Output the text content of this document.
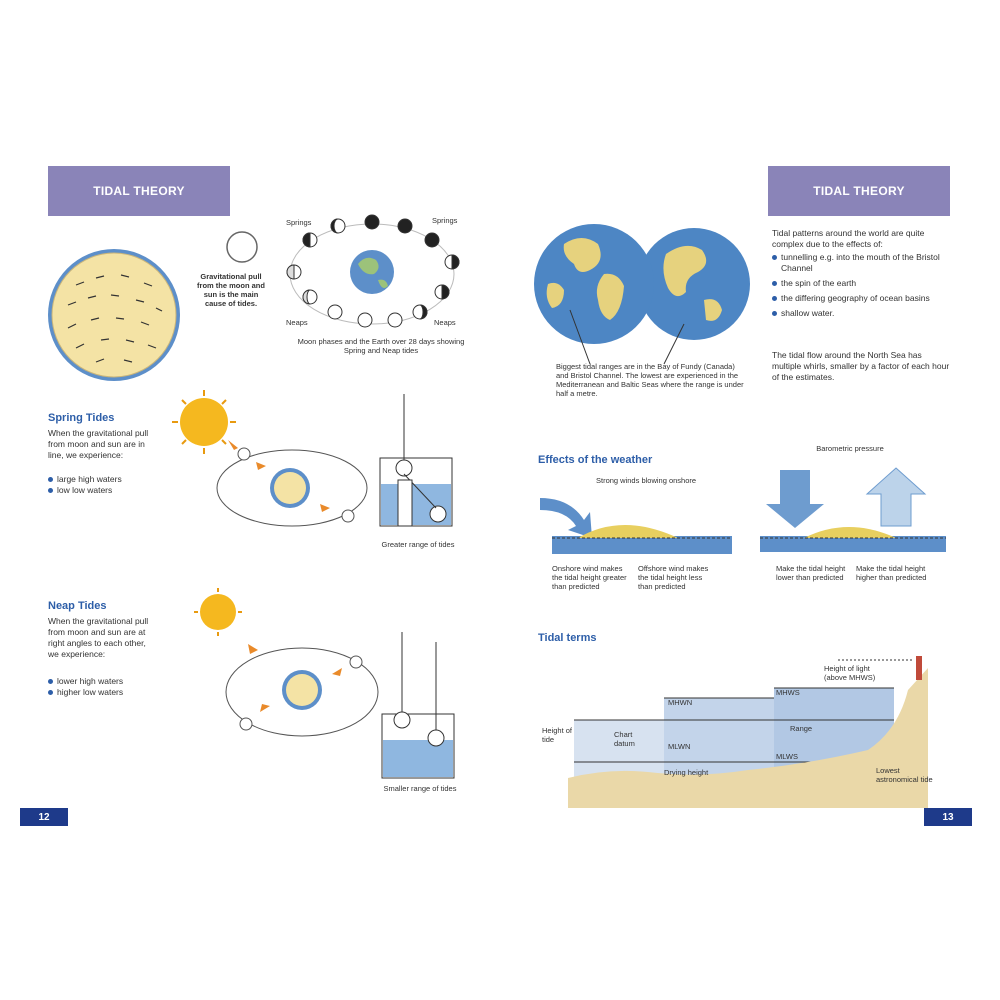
TIDAL THEORY
Gravitational pull from the moon and sun is the main cause of tides.
Springs	Springs
Neaps	Neaps
Moon phases and the Earth over 28 days showing Spring and Neap tides
Spring Tides
When the gravitational pull from moon and sun are in line, we experience:
large high waters
low low waters
Greater range of tides
Neap Tides
When the gravitational pull from moon and sun are at right angles to each other, we experience:
lower high waters
higher low waters
Smaller range of tides
12
TIDAL THEORY
Biggest tidal ranges are in the Bay of Fundy (Canada) and Bristol Channel. The lowest are experienced in the Mediterranean and Baltic Seas where the range is under half a metre.
Tidal patterns around the world are quite complex due to the effects of:
tunnelling e.g. into the mouth of the Bristol Channel
the spin of the earth
the differing geography of ocean basins
shallow water.
The tidal flow around the North Sea has multiple whirls, smaller by a factor of each hour of the estimates.
Effects of the weather
Strong winds blowing onshore
Barometric pressure
Onshore wind makes the tidal height greater than predicted
Offshore wind makes the tidal height less than predicted
Make the tidal height lower than predicted
Make the tidal height higher than predicted
Tidal terms
Height of tide
MHWS
MHWN
MLWN
MLWS
Range
Chart datum
Drying height
Height of light (above MHWS)
Lowest astronomical tide
13
